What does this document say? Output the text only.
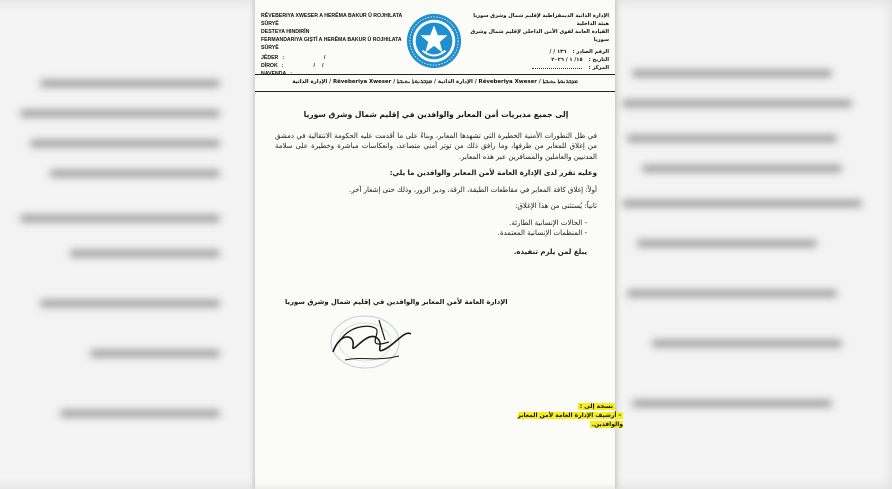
RÊVEBERIYA XWESER A HERÊMA BAKUR Û ROJHILATA SÛRYÊ
DESTEYA HINDIRÎN
FERMANDARIYA GIŞTÎ A HERÊMA BAKUR Û ROJHILATA SÛRYÊ
JÊDER :	/
DÎROK :	/     /
NAVENDA :
الإدارة الذاتية الديمقراطية لإقليم شمال وشرق سوريا
هيئة الداخلية
القيادة العامة لقوى الأمن الداخلي لإقليم شمال وشرق سوريا
الرقم الصادر :
١٣٦ / /
التاريخ :
١٥/ ١ / ٢٠٢٦
المركز :
ܡܕܒܪܢܘܬܐ ܝܬܝܒܬܐ / Rêveberiya Xweser / الإدارة الذاتية / ܡܕܒܪܢܘܬܐ ܝܬܝܒܬܐ / Rêveberiya Xweser / الإدارة الذاتية
إلى جميع مديريات أمن المعابر والوافدين في إقليم شمال وشرق سوريا
في ظل التطورات الأمنية الخطيرة التي تشهدها المعابر، وبناءً على ما أقدمت عليه الحكومة الانتقالية في دمشق من إغلاق للمعابر من طرفها، وما رافق ذلك من توتر أمني متصاعد، وانعكاسات مباشرة وخطيرة على سلامة المدنيين والعاملين والمسافرين عبر هذه المعابر.
وعليه تقرر لدى الإدارة العامة لأمن المعابر والوافدين ما يلي:
أولاً: إغلاق كافة المعابر في مقاطعات الطبقة، الرقة، ودير الزور، وذلك حتى إشعار آخر.
ثانياً: يُستثنى من هذا الإغلاق:
- الحالات الإنسانية الطارئة.
- المنظمات الإنسانية المعتمدة.
يبلغ لمن يلزم تنفيذه.
الإدارة العامة لأمن المعابر والوافدين في إقليم شمال وشرق سوريا
نسخة إلى :
- أرشيف الإدارة العامة لأمن المعابر والوافدين.
